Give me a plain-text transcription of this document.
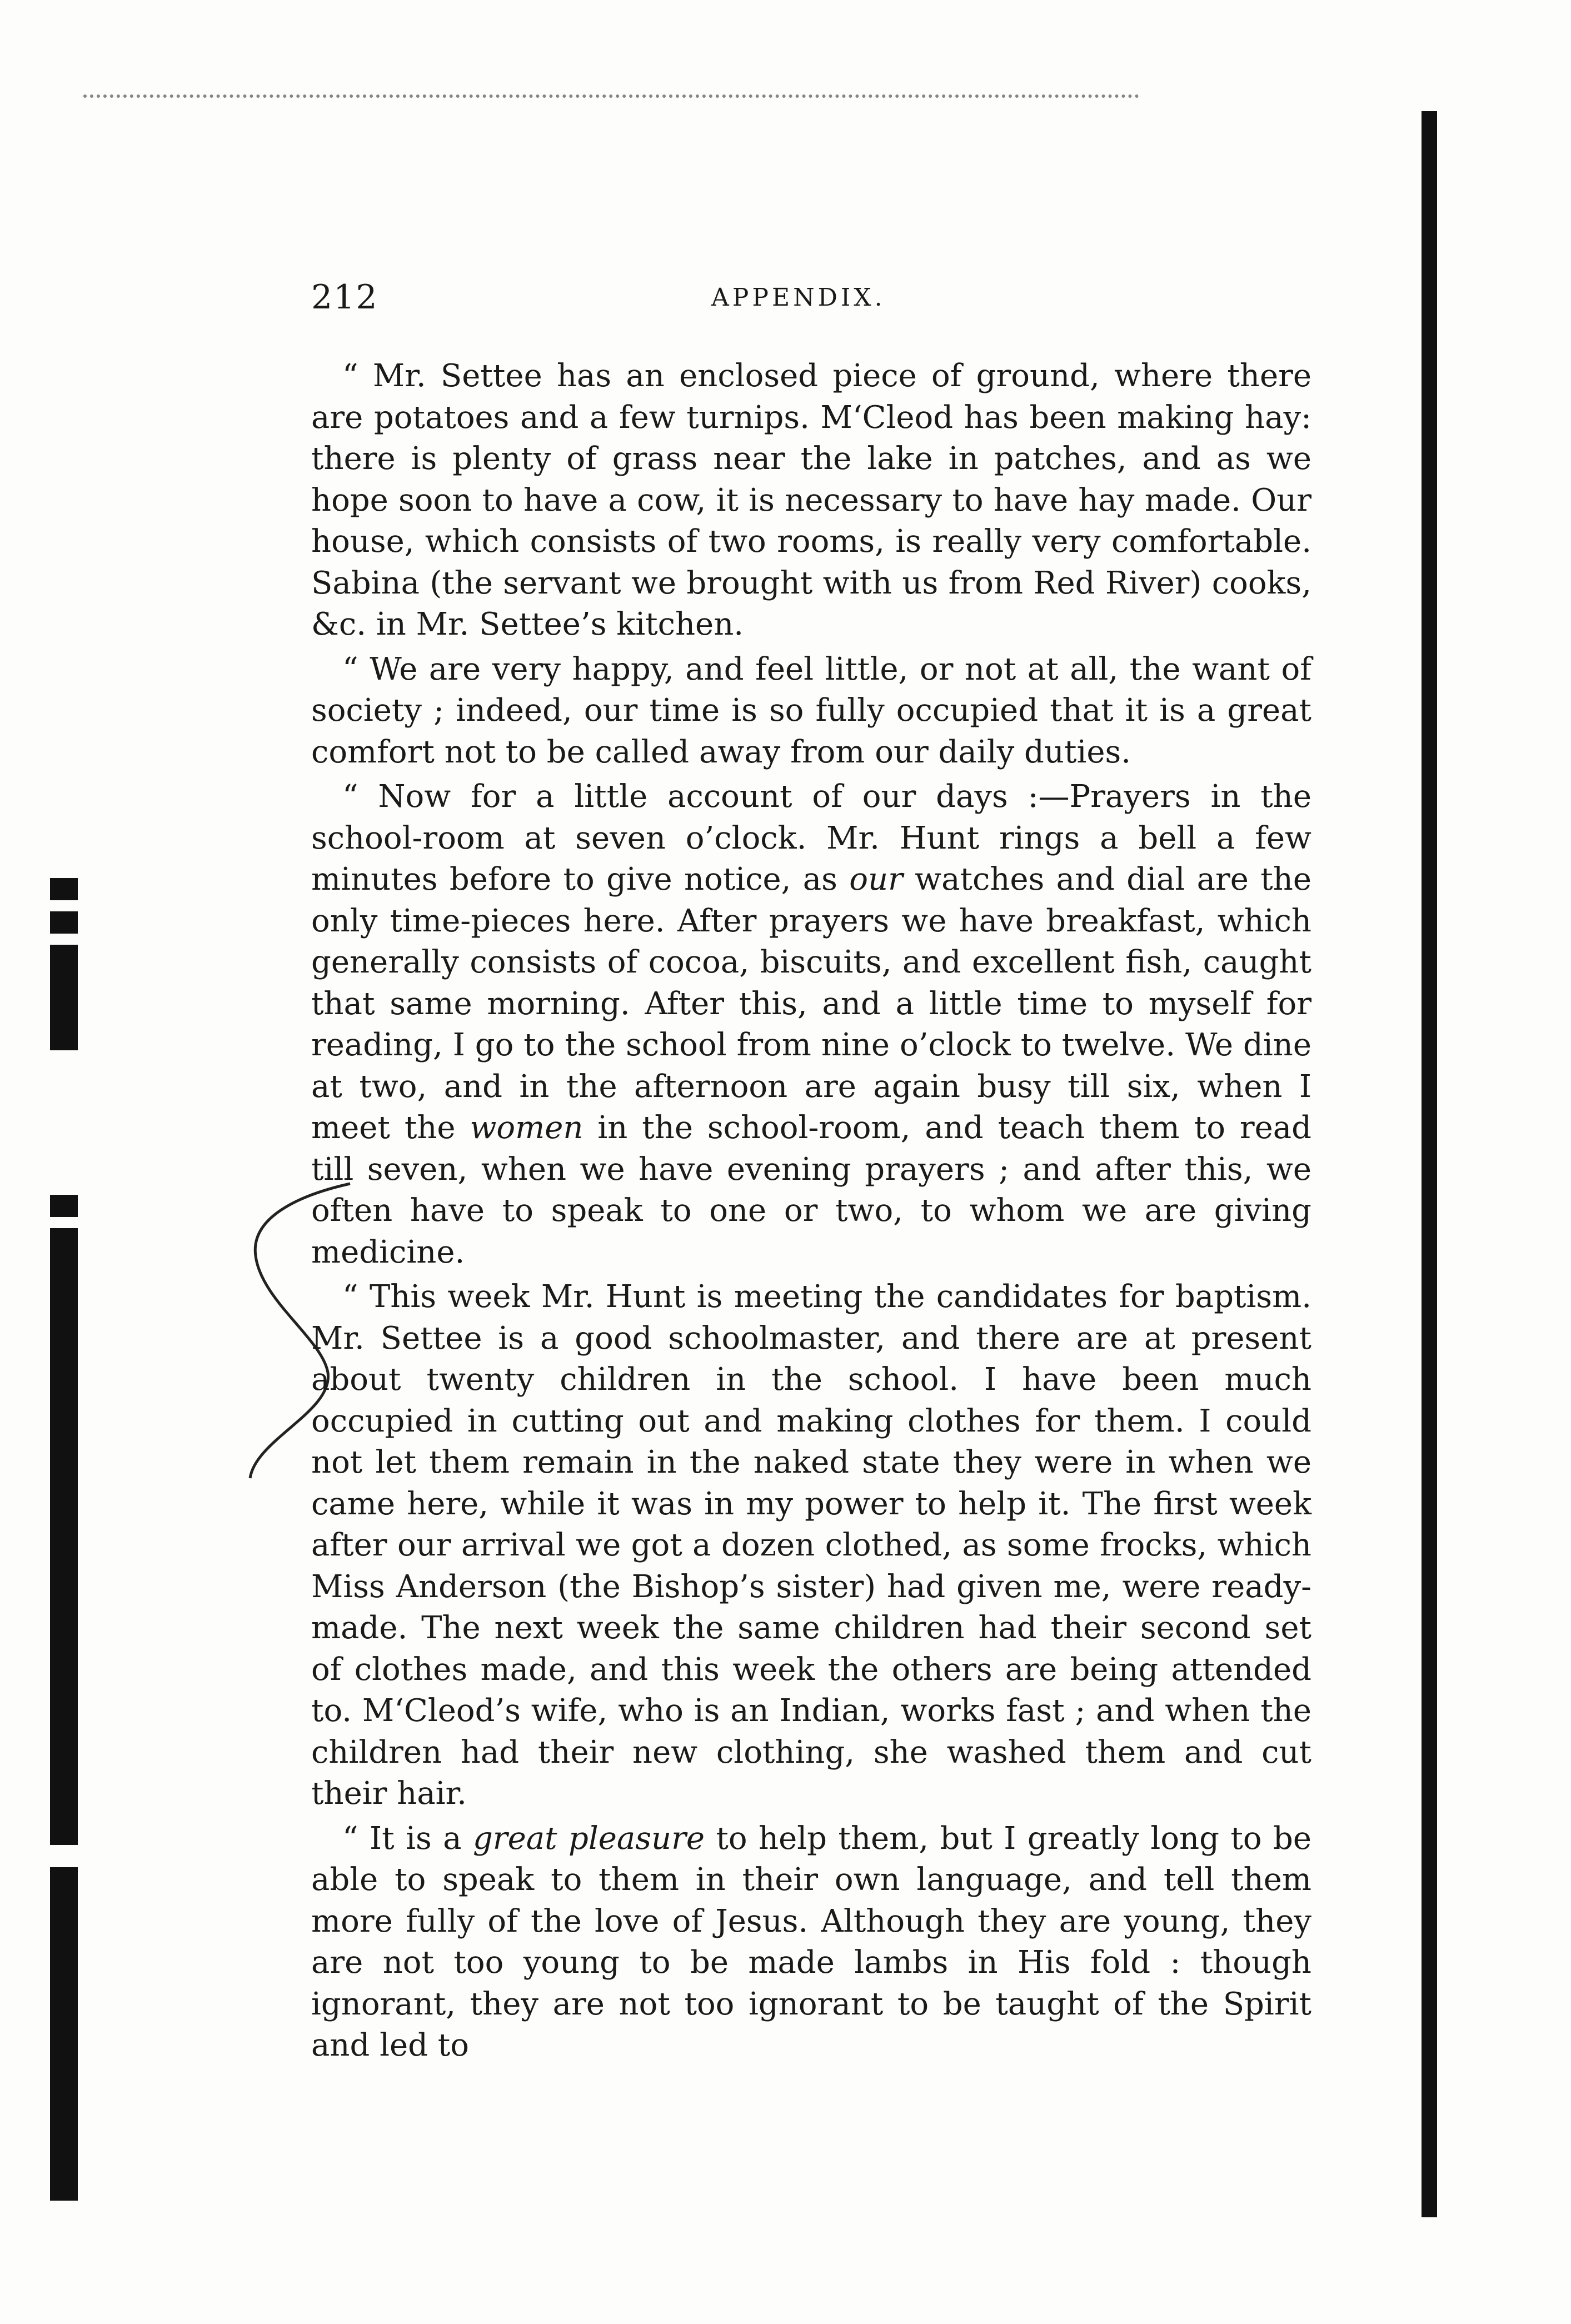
212	APPENDIX.

“ Mr. Settee has an enclosed piece of ground, where there are potatoes and a few turnips. M‘Cleod has been making hay: there is plenty of grass near the lake in patches, and as we hope soon to have a cow, it is necessary to have hay made. Our house, which consists of two rooms, is really very comfortable. Sabina (the servant we brought with us from Red River) cooks, &c. in Mr. Settee’s kitchen.

“ We are very happy, and feel little, or not at all, the want of society ; indeed, our time is so fully occupied that it is a great comfort not to be called away from our daily duties.

“ Now for a little account of our days :—Prayers in the school-room at seven o’clock. Mr. Hunt rings a bell a few minutes before to give notice, as our watches and dial are the only time-pieces here. After prayers we have breakfast, which generally consists of cocoa, biscuits, and excellent fish, caught that same morning. After this, and a little time to myself for reading, I go to the school from nine o’clock to twelve. We dine at two, and in the afternoon are again busy till six, when I meet the women in the school-room, and teach them to read till seven, when we have evening prayers ; and after this, we often have to speak to one or two, to whom we are giving medicine.

“ This week Mr. Hunt is meeting the candidates for baptism. Mr. Settee is a good schoolmaster, and there are at present about twenty children in the school. I have been much occupied in cutting out and making clothes for them. I could not let them remain in the naked state they were in when we came here, while it was in my power to help it. The first week after our arrival we got a dozen clothed, as some frocks, which Miss Anderson (the Bishop’s sister) had given me, were ready-made. The next week the same children had their second set of clothes made, and this week the others are being attended to. M‘Cleod’s wife, who is an Indian, works fast ; and when the children had their new clothing, she washed them and cut their hair.

“ It is a great pleasure to help them, but I greatly long to be able to speak to them in their own language, and tell them more fully of the love of Jesus. Although they are young, they are not too young to be made lambs in His fold : though ignorant, they are not too ignorant to be taught of the Spirit and led to
